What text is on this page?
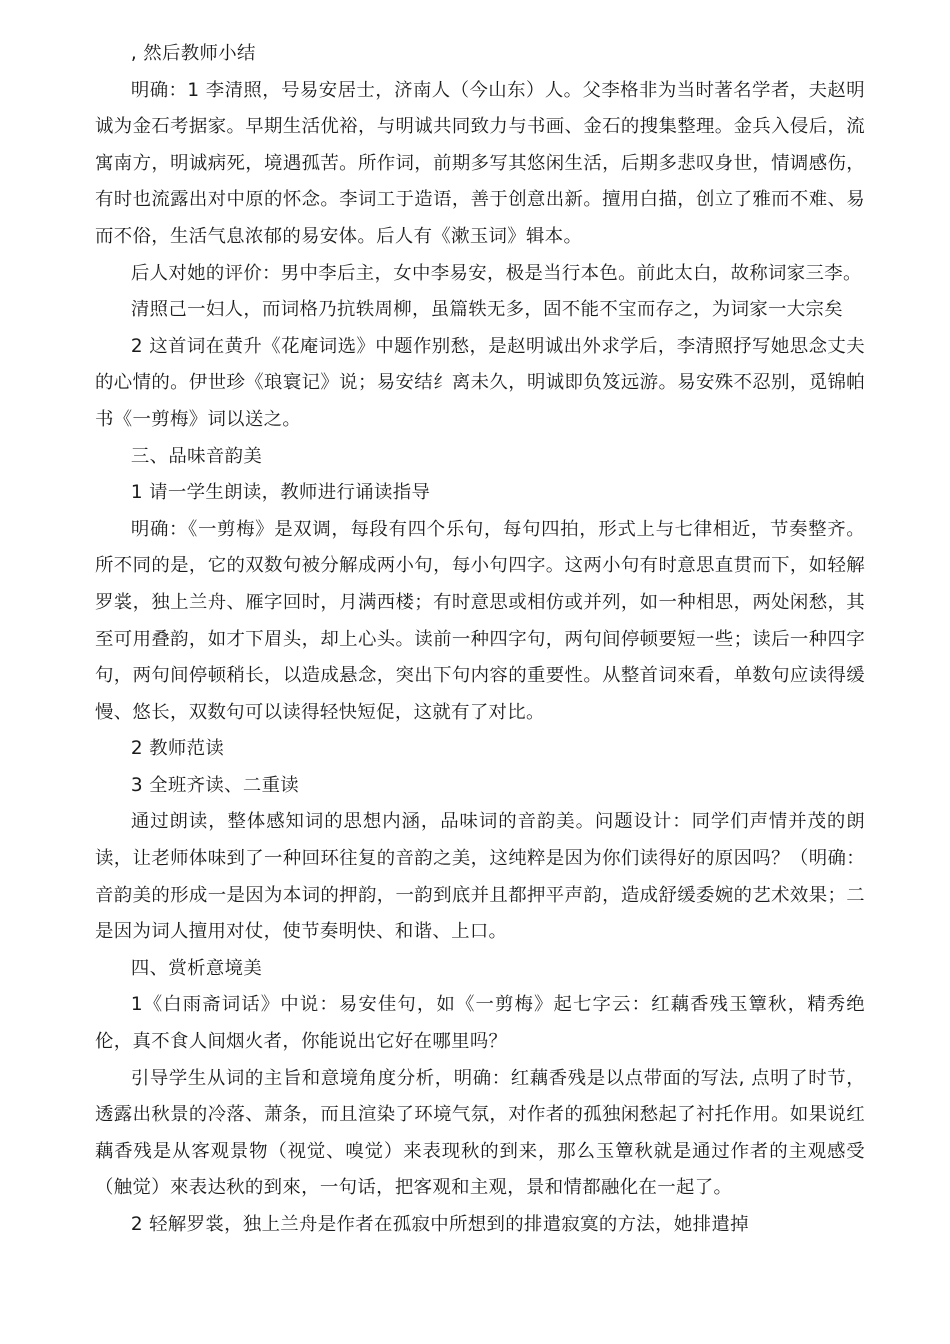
, 然后教师小结

明确：1 李清照，号易安居士，济南人（今山东）人。父李格非为当时著名学者，夫赵明诚为金石考据家。早期生活优裕，与明诚共同致力与书画、金石的搜集整理。金兵入侵后，流寓南方，明诚病死，境遇孤苦。所作词，前期多写其悠闲生活，后期多悲叹身世，情调感伤，有时也流露出对中原的怀念。李词工于造语，善于创意出新。擅用白描，创立了雅而不难、易而不俗，生活气息浓郁的易安体。后人有《漱玉词》辑本。

后人对她的评价：男中李后主，女中李易安，极是当行本色。前此太白，故称词家三李。

清照己一妇人，而词格乃抗轶周柳，虽篇轶无多，固不能不宝而存之，为词家一大宗矣

2 这首词在黄升《花庵词选》中题作别愁，是赵明诚出外求学后，李清照抒写她思念丈夫的心情的。伊世珍《琅寰记》说；易安结纟离未久，明诚即负笈远游。易安殊不忍别，觅锦帕书《一剪梅》词以送之。

三、品味音韵美

1 请一学生朗读，教师进行诵读指导

明确：《一剪梅》是双调，每段有四个乐句，每句四拍，形式上与七律相近，节奏整齐。所不同的是，它的双数句被分解成两小句，每小句四字。这两小句有时意思直贯而下，如轻解罗裳，独上兰舟、雁字回时，月满西楼；有时意思或相仿或并列，如一种相思，两处闲愁，其至可用叠韵，如才下眉头，却上心头。读前一种四字句，两句间停顿要短一些；读后一种四字句，两句间停顿稍长，以造成悬念，突出下句内容的重要性。从整首词來看，单数句应读得缓慢、悠长，双数句可以读得轻快短促，这就有了对比。

2 教师范读

3 全班齐读、二重读

通过朗读，整体感知词的思想内涵，品味词的音韵美。问题设计：同学们声情并茂的朗读，让老师体味到了一种回环往复的音韵之美，这纯粹是因为你们读得好的原因吗？（明确：音韵美的形成一是因为本词的押韵，一韵到底并且都押平声韵，造成舒缓委婉的艺术效果；二是因为词人擅用对仗，使节奏明快、和谐、上口。

四、赏析意境美

1《白雨斋词话》中说：易安佳句，如《一剪梅》起七字云：红藕香残玉簟秋，精秀绝伦，真不食人间烟火者，你能说出它好在哪里吗？

引导学生从词的主旨和意境角度分析，明确：红藕香残是以点带面的写法, 点明了时节，透露出秋景的冷落、萧条，而且渲染了环境气氛，对作者的孤独闲愁起了衬托作用。如果说红藕香残是从客观景物（视觉、嗅觉）来表现秋的到来，那么玉簟秋就是通过作者的主观感受（触觉）來表达秋的到來，一句话，把客观和主观，景和情都融化在一起了。

2 轻解罗裳，独上兰舟是作者在孤寂中所想到的排遣寂寞的方法，她排遣掉
